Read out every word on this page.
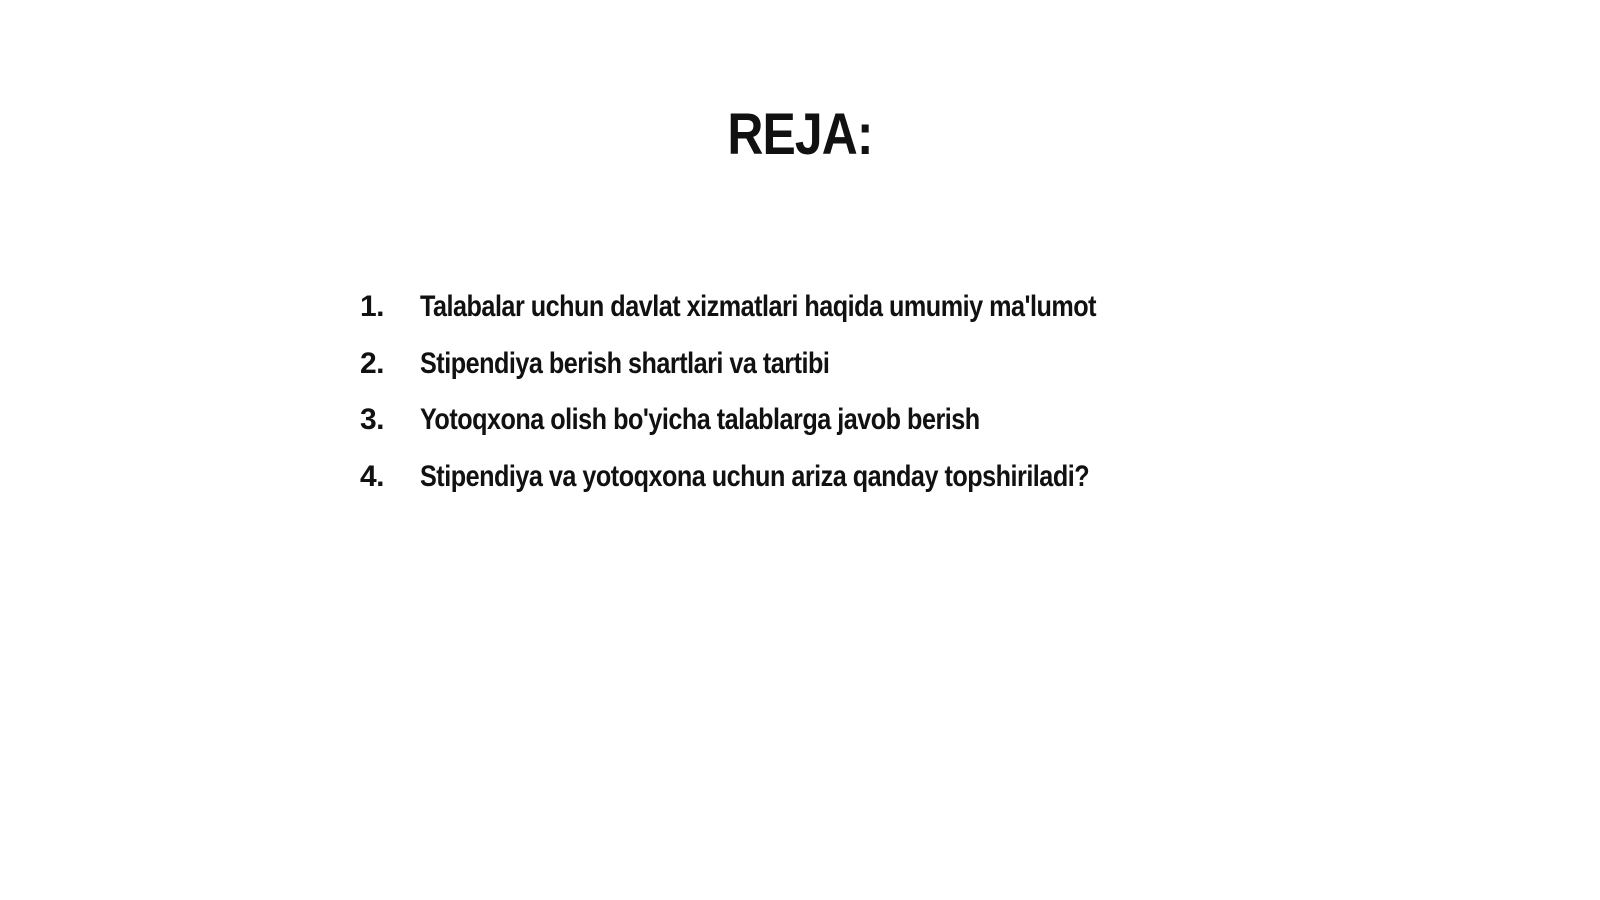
REJA:
1.	Talabalar uchun davlat xizmatlari haqida umumiy ma'lumot
2.	Stipendiya berish shartlari va tartibi
3.	Yotoqxona olish bo'yicha talablarga javob berish
4.	Stipendiya va yotoqxona uchun ariza qanday topshiriladi?
